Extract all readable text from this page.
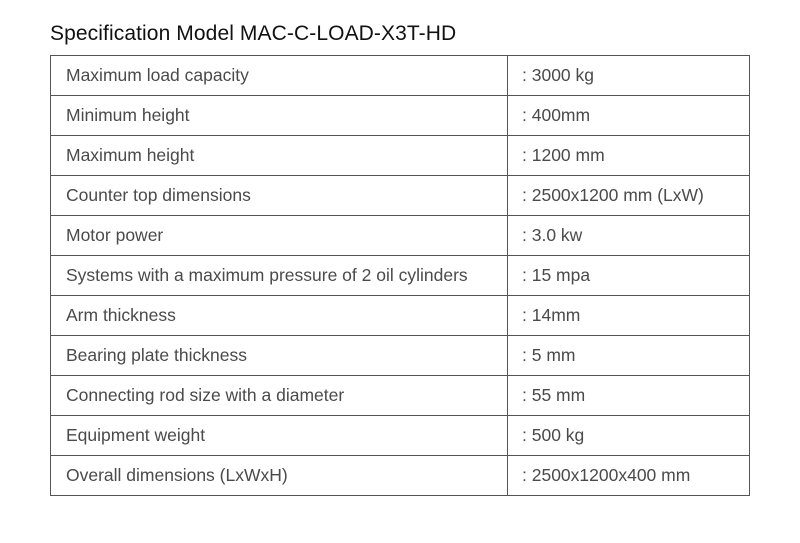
Specification Model MAC-C-LOAD-X3T-HD
Maximum load capacity	: 3000 kg
Minimum height	: 400mm
Maximum height	: 1200 mm
Counter top dimensions	: 2500x1200 mm (LxW)
Motor power	: 3.0 kw
Systems with a maximum pressure of 2 oil cylinders	: 15 mpa
Arm thickness	: 14mm
Bearing plate thickness	: 5 mm
Connecting rod size with a diameter	: 55 mm
Equipment weight	: 500 kg
Overall dimensions (LxWxH)	: 2500x1200x400 mm
